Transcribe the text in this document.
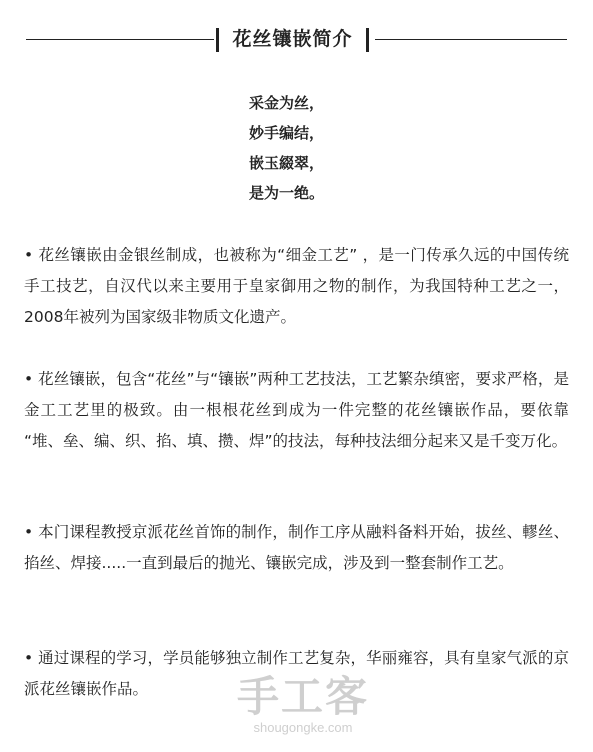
花丝镶嵌简介
采金为丝，
妙手编结，
嵌玉綴翠，
是为一绝。
• 花丝镶嵌由金银丝制成，也被称为“细金工艺” ，是一门传承久远的中国传统手工技艺，自汉代以来主要用于皇家御用之物的制作，为我国特种工艺之一，2008年被列为国家级非物质文化遗产。
• 花丝镶嵌，包含“花丝”与“镶嵌”两种工艺技法，工艺繁杂缜密，要求严格，是金工工艺里的极致。由一根根花丝到成为一件完整的花丝镶嵌作品，要依靠 “堆、垒、编、织、掐、填、攒、焊”的技法，每种技法细分起来又是千变万化。
• 本门课程教授京派花丝首饰的制作，制作工序从融料备料开始，拔丝、轇丝、掐丝、焊接.....一直到最后的抛光、镶嵌完成，涉及到一整套制作工艺。
• 通过课程的学习，学员能够独立制作工艺复杂，华丽雍容，具有皇家气派的京派花丝镶嵌作品。	手工客
shougongke.com
